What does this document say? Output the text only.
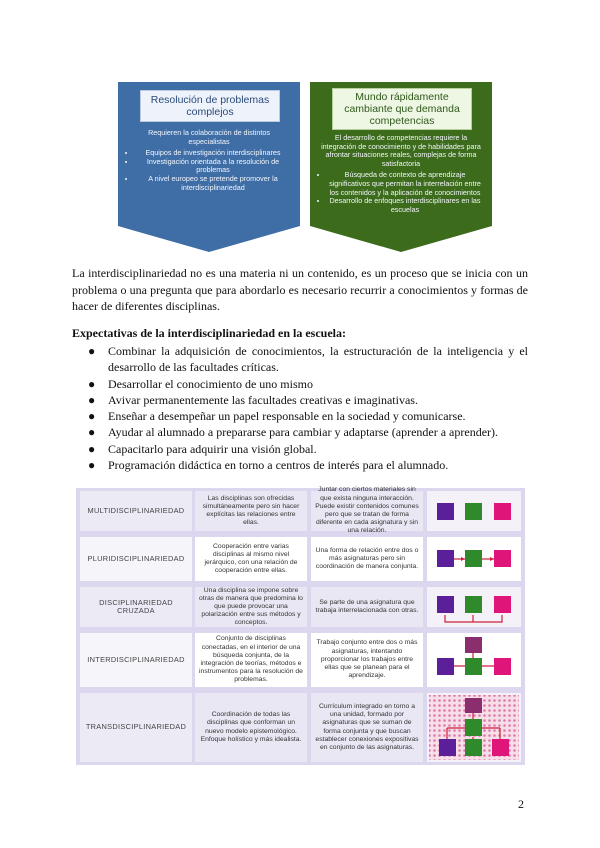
Resolución de problemas complejos
Requieren la colaboración de distintos especialistas
• Equipos de investigación interdisciplinares
• Investigación orientada a la resolución de problemas
• A nivel europeo se pretende promover la interdisciplinariedad
Mundo rápidamente cambiante que demanda competencias
El desarrollo de competencias requiere la integración de conocimiento y de habilidades para afrontar situaciones reales, complejas de forma satisfactoria
• Búsqueda de contexto de aprendizaje significativos que permitan la interrelación entre los contenidos y la aplicación de conocimientos
• Desarrollo de enfoques interdisciplinares en las escuelas

La interdisciplinariedad no es una materia ni un contenido, es un proceso que se inicia con un problema o una pregunta que para abordarlo es necesario recurrir a conocimientos y formas de hacer de diferentes disciplinas.

Expectativas de la interdisciplinariedad en la escuela:

● Combinar la adquisición de conocimientos, la estructuración de la inteligencia y el desarrollo de las facultades críticas.
● Desarrollar el conocimiento de uno mismo
● Avivar permanentemente las facultades creativas e imaginativas.
● Enseñar a desempeñar un papel responsable en la sociedad y comunicarse.
● Ayudar al alumnado a prepararse para cambiar y adaptarse (aprender a aprender).
● Capacitarlo para adquirir una visión global.
● Programación didáctica en torno a centros de interés para el alumnado.
MULTIDISCIPLINARIEDAD
Las disciplinas son ofrecidas simultáneamente pero sin hacer explícitas las relaciones entre ellas.
Juntar con ciertos materiales sin que exista ninguna interacción. Puede existir contenidos comunes pero que se tratan de forma diferente en cada asignatura y sin una relación.
PLURIDISCIPLINARIEDAD
Cooperación entre varias disciplinas al mismo nivel jerárquico, con una relación de cooperación entre ellas.
Una forma de relación entre dos o más asignaturas pero sin coordinación de manera conjunta.
DISCIPLINARIEDAD CRUZADA
Una disciplina se impone sobre otras de manera que predomina lo que puede provocar una polarización entre sus métodos y conceptos.
Se parte de una asignatura que trabaja interrelacionada con otras.
INTERDISCIPLINARIEDAD
Conjunto de disciplinas conectadas, en el interior de una búsqueda conjunta, de la integración de teorías, métodos e instrumentos para la resolución de problemas.
Trabajo conjunto entre dos o más asignaturas, intentando proporcionar los trabajos entre ellas que se planean para el aprendizaje.
TRANSDISCIPLINARIEDAD
Coordinación de todas las disciplinas que conforman un nuevo modelo epistemológico. Enfoque holístico y más idealista.
Currículum integrado en torno a una unidad, formado por asignaturas que se suman de forma conjunta y que buscan establecer conexiones expositivas en conjunto de las asignaturas.
2
